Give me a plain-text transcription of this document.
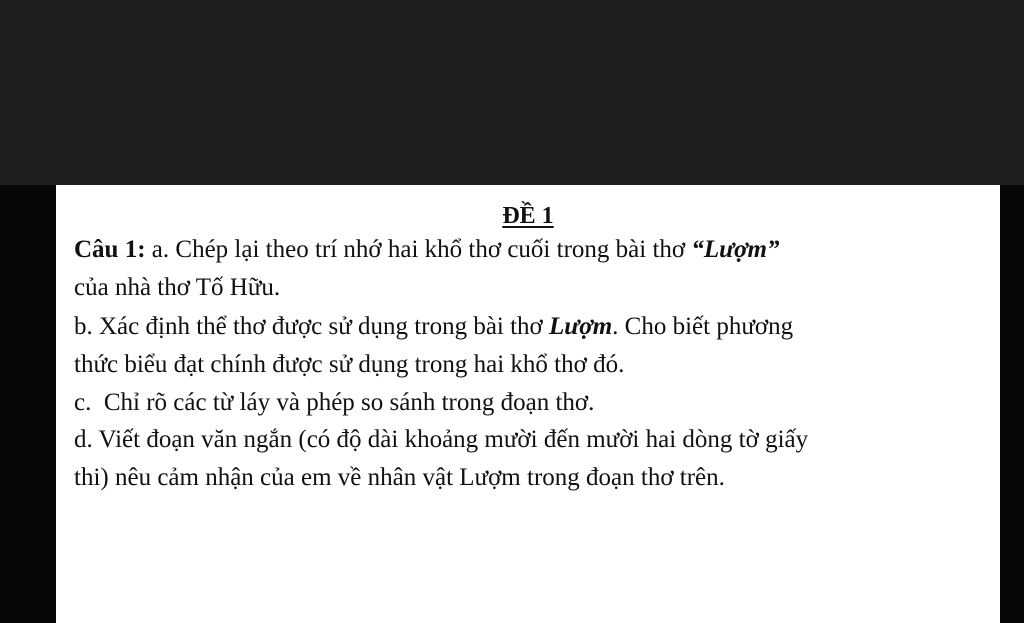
ĐỀ 1
Câu 1: a. Chép lại theo trí nhớ hai khổ thơ cuối trong bài thơ “Lượm”
của nhà thơ Tố Hữu.
b. Xác định thể thơ được sử dụng trong bài thơ Lượm. Cho biết phương
thức biểu đạt chính được sử dụng trong hai khổ thơ đó.
c.  Chỉ rõ các từ láy và phép so sánh trong đoạn thơ.
d. Viết đoạn văn ngắn (có độ dài khoảng mười đến mười hai dòng tờ giấy
thi) nêu cảm nhận của em về nhân vật Lượm trong đoạn thơ trên.
